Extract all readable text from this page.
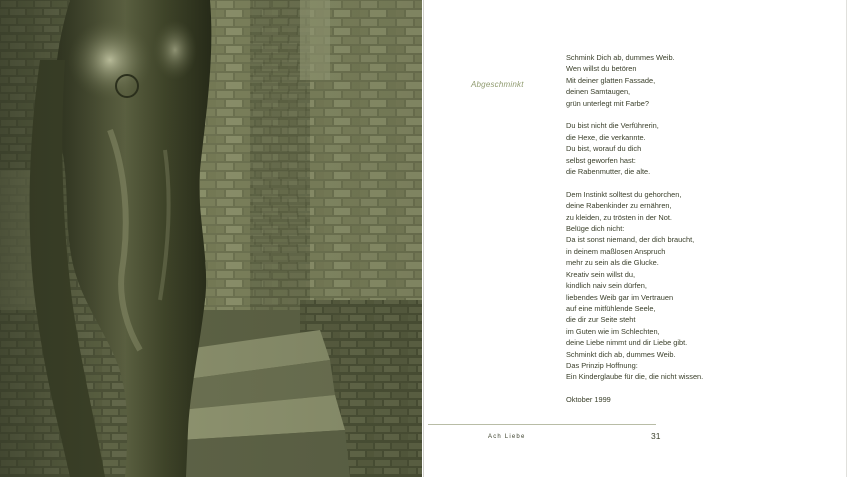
Abgeschminkt

Schmink Dich ab, dummes Weib.
Wen willst du betören
Mit deiner glatten Fassade,
deinen Samtaugen,
grün unterlegt mit Farbe?

Du bist nicht die Verführerin,
die Hexe, die verkannte.
Du bist, worauf du dich
selbst geworfen hast:
die Rabenmutter, die alte.

Dem Instinkt solltest du gehorchen,
deine Rabenkinder zu ernähren,
zu kleiden, zu trösten in der Not.
Belüge dich nicht:
Da ist sonst niemand, der dich braucht,
in deinem maßlosen Anspruch
mehr zu sein als die Glucke.
Kreativ sein willst du,
kindlich naiv sein dürfen,
liebendes Weib gar im Vertrauen
auf eine mitfühlende Seele,
die dir zur Seite steht
im Guten wie im Schlechten,
deine Liebe nimmt und dir Liebe gibt.
Schminkt dich ab, dummes Weib.
Das Prinzip Hoffnung:
Ein Kinderglaube für die, die nicht wissen.

Oktober 1999
Ach Liebe	31
